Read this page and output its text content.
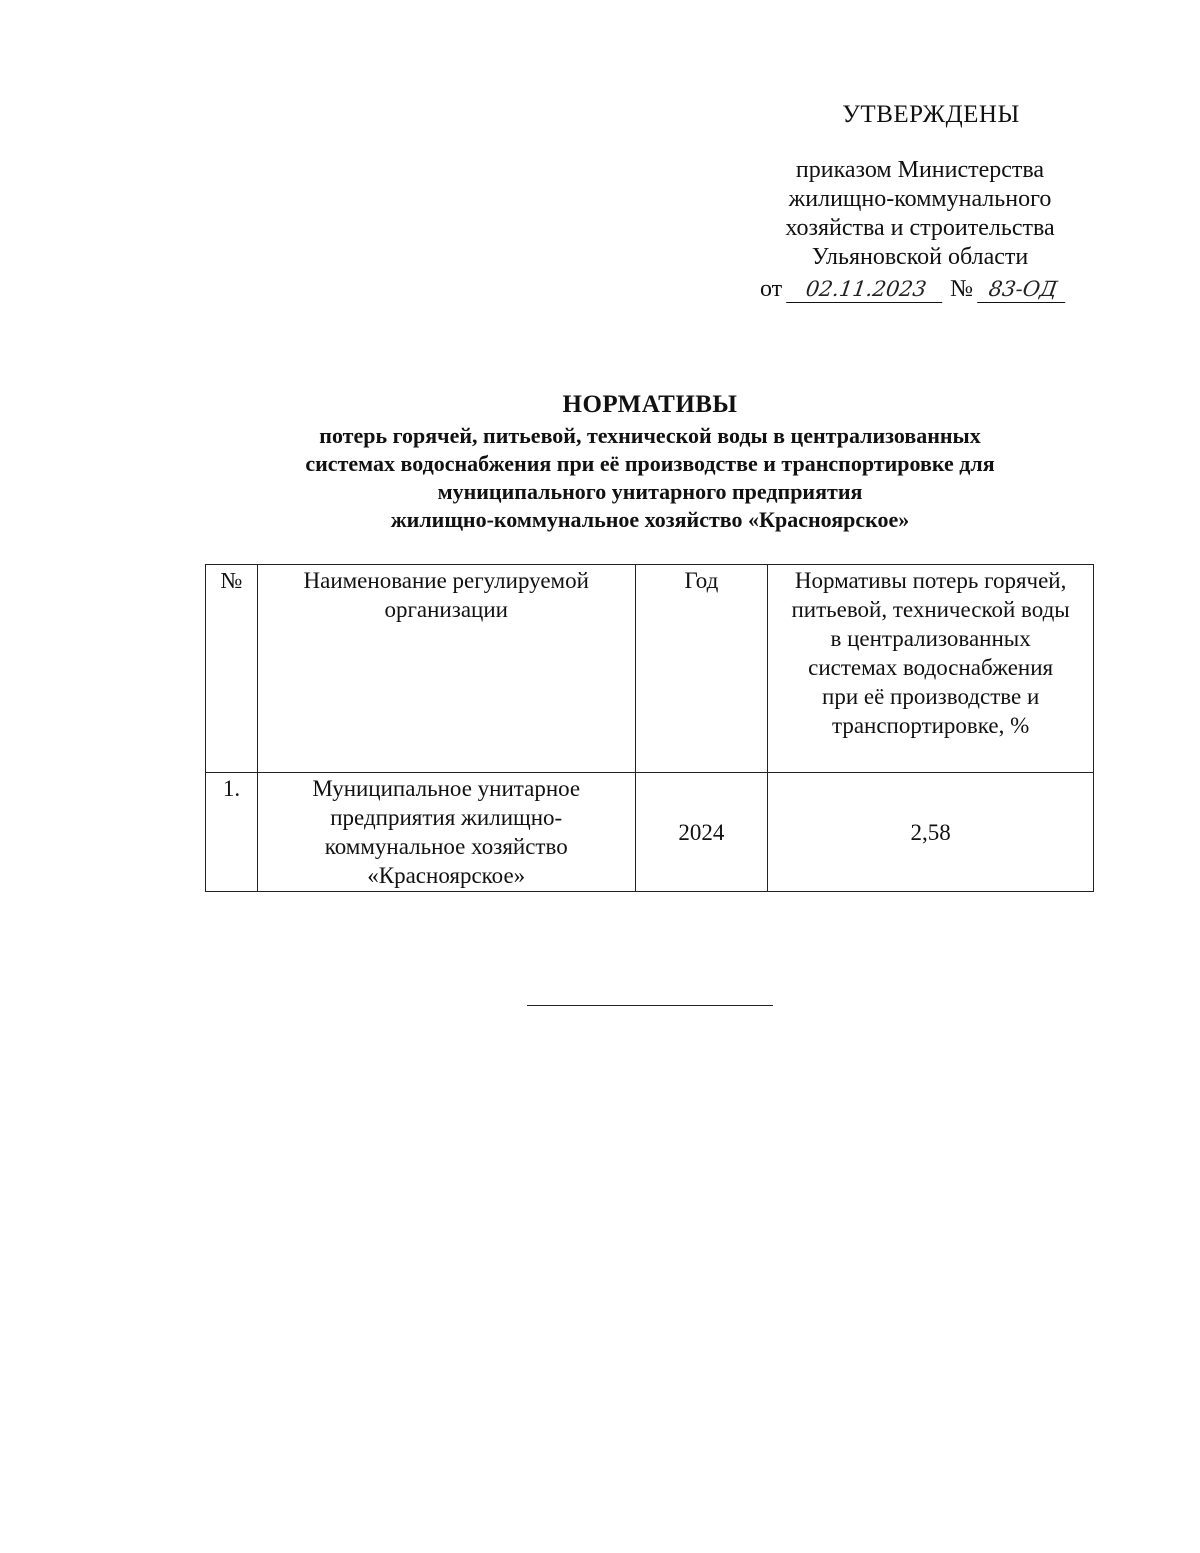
УТВЕРЖДЕНЫ
приказом Министерства
жилищно-коммунального
хозяйства и строительства
Ульяновской области
от 02.11.2023 № 83-ОД
НОРМАТИВЫ
потерь горячей, питьевой, технической воды в централизованных
системах водоснабжения при её производстве и транспортировке для
муниципального унитарного предприятия
жилищно-коммунальное хозяйство «Красноярское»
№	Наименование регулируемой организации	Год	Нормативы потерь горячей, питьевой, технической воды в централизованных системах водоснабжения при её производстве и транспортировке, %
1.	Муниципальное унитарное предприятия жилищно-коммунальное хозяйство «Красноярское»	2024	2,58
